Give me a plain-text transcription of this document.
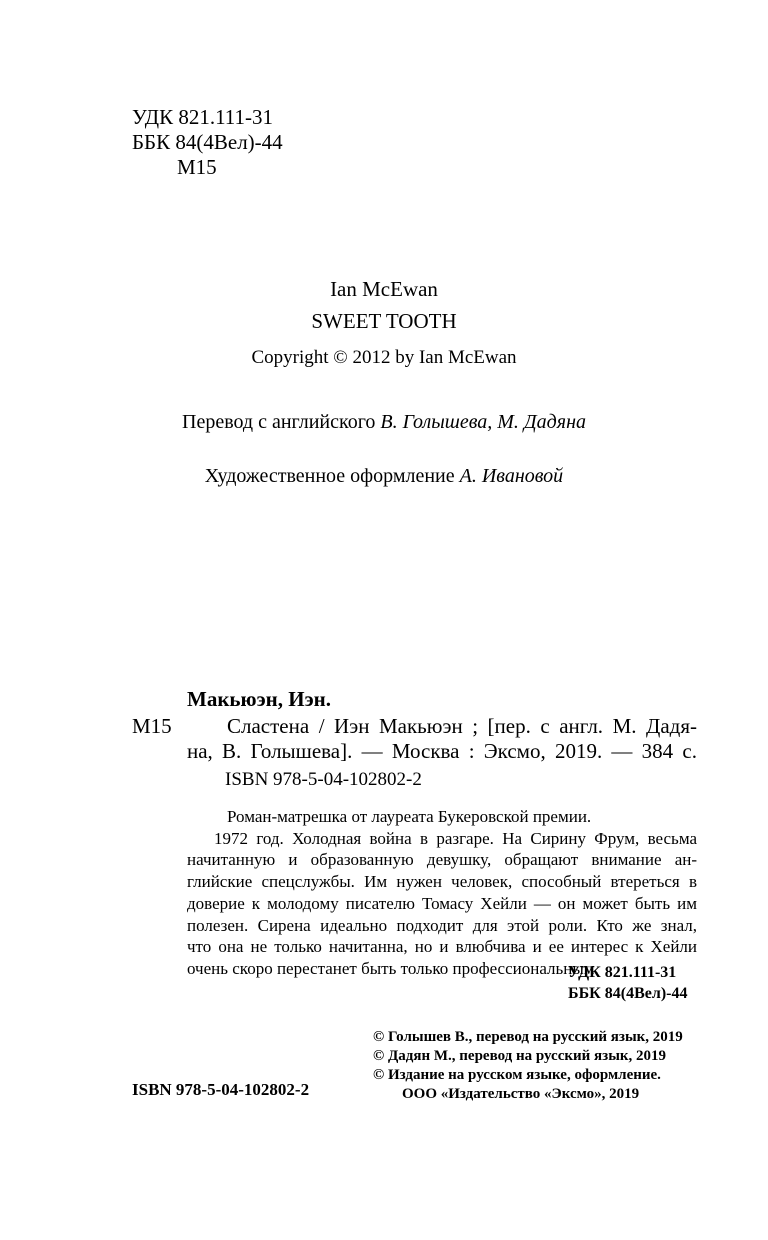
УДК 821.111-31
ББК 84(4Вел)-44
М15
Ian McEwan
SWEET TOOTH
Copyright © 2012 by Ian McEwan
Перевод с английского В. Голышева, М. Дадяна
Художественное оформление А. Ивановой
Макьюэн, Иэн.
М15	Сластена / Иэн Макьюэн ; [пер. с англ. М. Дадя-
на, В. Голышева]. — Москва : Эксмо, 2019. — 384 с.
ISBN 978-5-04-102802-2
Роман-матрешка от лауреата Букеровской премии.
1972 год. Холодная война в разгаре. На Сирину Фрум, весьма
начитанную и образованную девушку, обращают внимание ан-
глийские спецслужбы. Им нужен человек, способный втереться в
доверие к молодому писателю Томасу Хейли — он может быть им
полезен. Сирена идеально подходит для этой роли. Кто же знал,
что она не только начитанна, но и влюбчива и ее интерес к Хейли
очень скоро перестанет быть только профессиональным.
УДК 821.111-31
ББК 84(4Вел)-44
© Голышев В., перевод на русский язык, 2019
© Дадян М., перевод на русский язык, 2019
© Издание на русском языке, оформление.
ООО «Издательство «Эксмо», 2019
ISBN 978-5-04-102802-2
